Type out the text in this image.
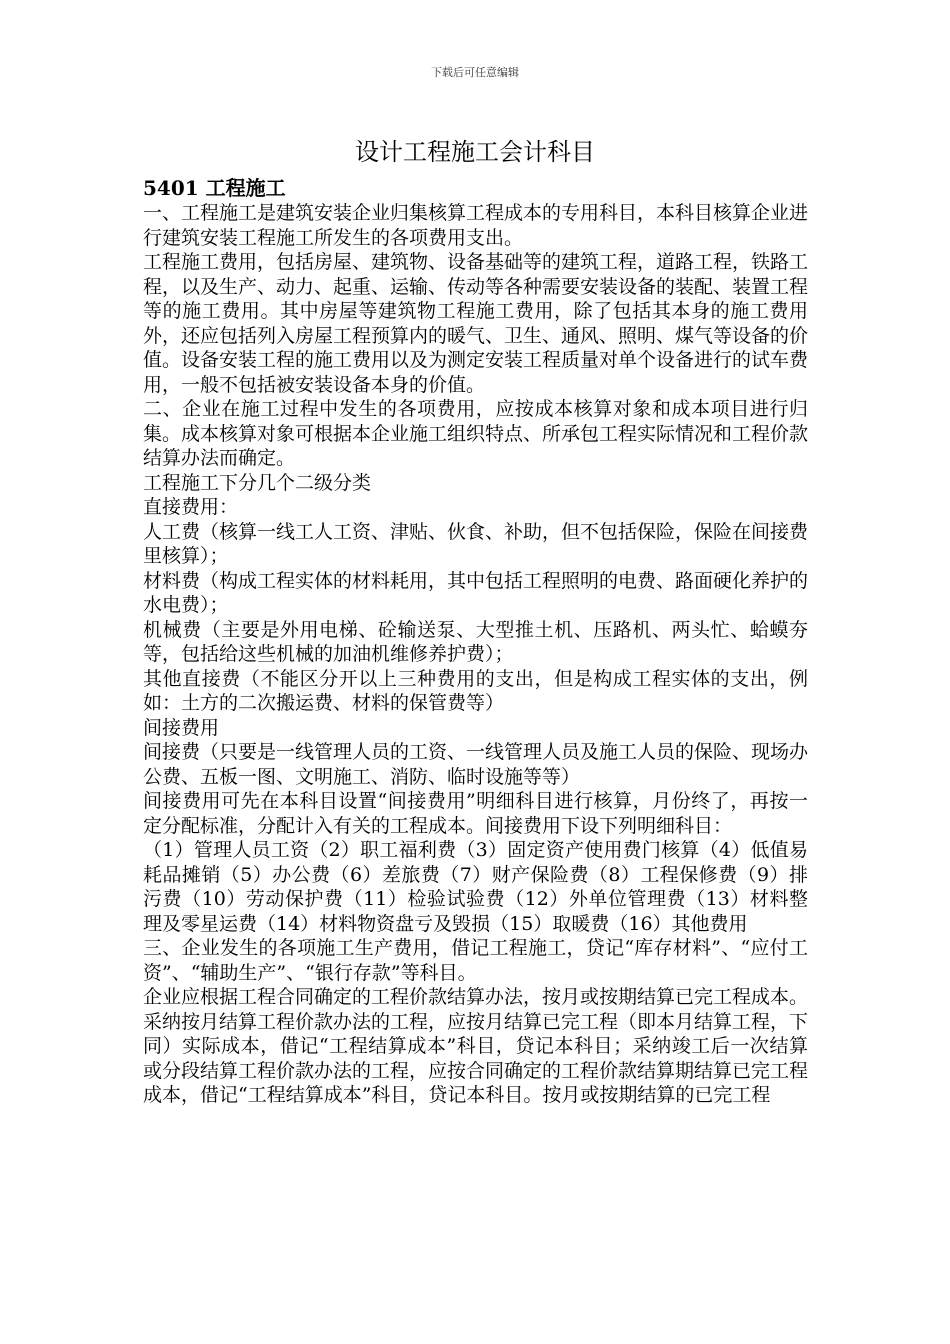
下载后可任意编辑
设计工程施工会计科目
5401 工程施工

一、工程施工是建筑安装企业归集核算工程成本的专用科目，本科目核算企业进行建筑安装工程施工所发生的各项费用支出。

工程施工费用，包括房屋、建筑物、设备基础等的建筑工程，道路工程，铁路工程，以及生产、动力、起重、运输、传动等各种需要安装设备的装配、装置工程等的施工费用。其中房屋等建筑物工程施工费用，除了包括其本身的施工费用外，还应包括列入房屋工程预算内的暖气、卫生、通风、照明、煤气等设备的价值。设备安装工程的施工费用以及为测定安装工程质量对单个设备进行的试车费用，一般不包括被安装设备本身的价值。

二、企业在施工过程中发生的各项费用，应按成本核算对象和成本项目进行归集。成本核算对象可根据本企业施工组织特点、所承包工程实际情况和工程价款结算办法而确定。

工程施工下分几个二级分类

直接费用：

人工费（核算一线工人工资、津贴、伙食、补助，但不包括保险，保险在间接费里核算）；

材料费（构成工程实体的材料耗用，其中包括工程照明的电费、路面硬化养护的水电费）；

机械费（主要是外用电梯、砼输送泵、大型推土机、压路机、两头忙、蛤蟆夯等，包括给这些机械的加油机维修养护费）；

其他直接费（不能区分开以上三种费用的支出，但是构成工程实体的支出，例如：土方的二次搬运费、材料的保管费等）

间接费用

间接费（只要是一线管理人员的工资、一线管理人员及施工人员的保险、现场办公费、五板一图、文明施工、消防、临时设施等等）

间接费用可先在本科目设置“间接费用”明细科目进行核算，月份终了，再按一定分配标准，分配计入有关的工程成本。间接费用下设下列明细科目：

（1）管理人员工资（2）职工福利费（3）固定资产使用费门核算（4）低值易耗品摊销（5）办公费（6）差旅费（7）财产保险费（8）工程保修费（9）排污费（10）劳动保护费（11）检验试验费（12）外单位管理费（13）材料整理及零星运费（14）材料物资盘亏及毁损（15）取暖费（16）其他费用

三、企业发生的各项施工生产费用，借记工程施工，贷记“库存材料”、“应付工资”、“辅助生产”、“银行存款”等科目。

企业应根据工程合同确定的工程价款结算办法，按月或按期结算已完工程成本。采纳按月结算工程价款办法的工程，应按月结算已完工程（即本月结算工程，下同）实际成本，借记“工程结算成本”科目，贷记本科目；采纳竣工后一次结算或分段结算工程价款办法的工程，应按合同确定的工程价款结算期结算已完工程成本，借记“工程结算成本”科目，贷记本科目。按月或按期结算的已完工程
